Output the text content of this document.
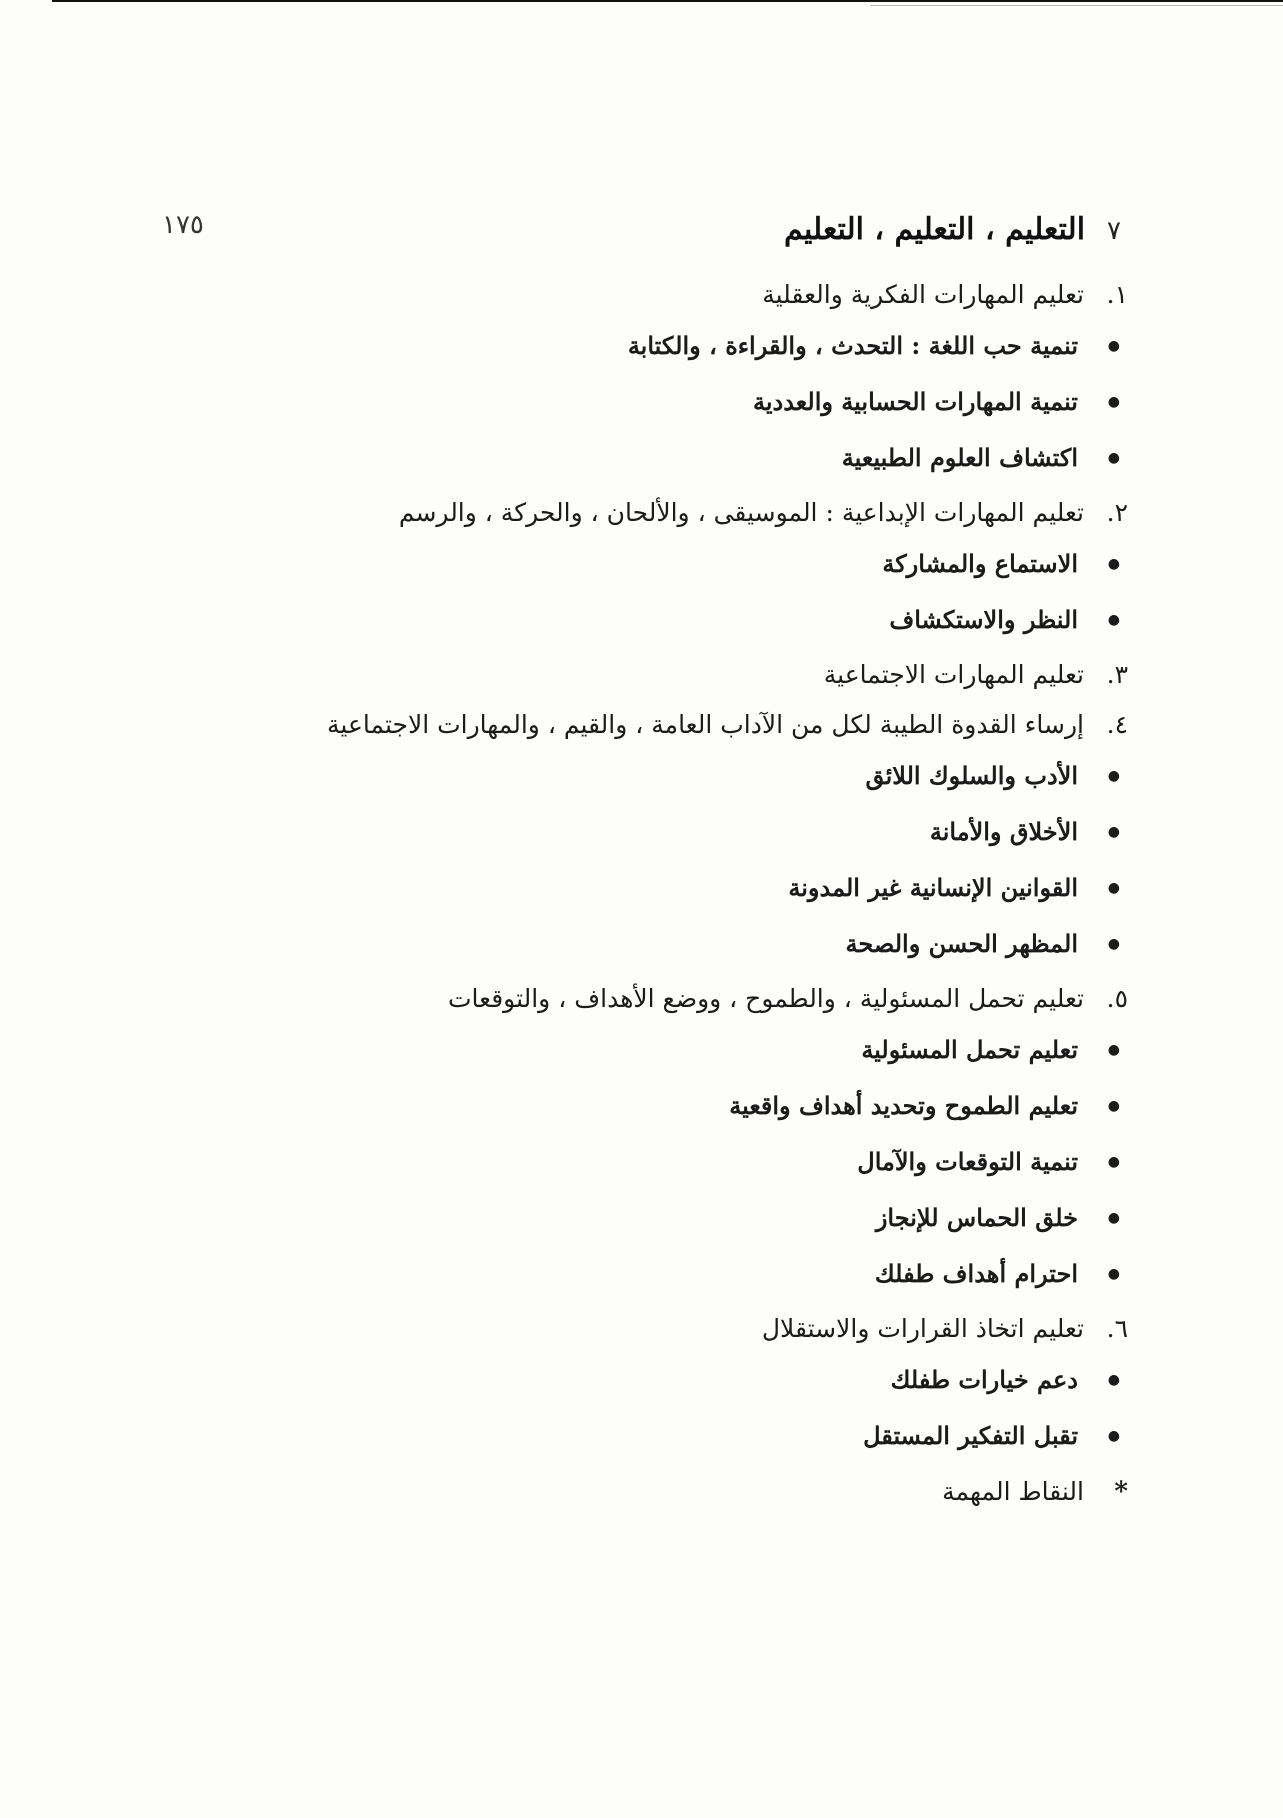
١٧٥	٧
التعليم ، التعليم ، التعليم
١.
تعليم المهارات الفكرية والعقلية
●
تنمية حب اللغة : التحدث ، والقراءة ، والكتابة
●
تنمية المهارات الحسابية والعددية
●
اكتشاف العلوم الطبيعية
٢.
تعليم المهارات الإبداعية : الموسيقى ، والألحان ، والحركة ، والرسم
●
الاستماع والمشاركة
●
النظر والاستكشاف
٣.
تعليم المهارات الاجتماعية
٤.
إرساء القدوة الطيبة لكل من الآداب العامة ، والقيم ، والمهارات الاجتماعية
●
الأدب والسلوك اللائق
●
الأخلاق والأمانة
●
القوانين الإنسانية غير المدونة
●
المظهر الحسن والصحة
٥.
تعليم تحمل المسئولية ، والطموح ، ووضع الأهداف ، والتوقعات
●
تعليم تحمل المسئولية
●
تعليم الطموح وتحديد أهداف واقعية
●
تنمية التوقعات والآمال
●
خلق الحماس للإنجاز
●
احترام أهداف طفلك
٦.
تعليم اتخاذ القرارات والاستقلال
●
دعم خيارات طفلك
●
تقبل التفكير المستقل
*
النقاط المهمة
